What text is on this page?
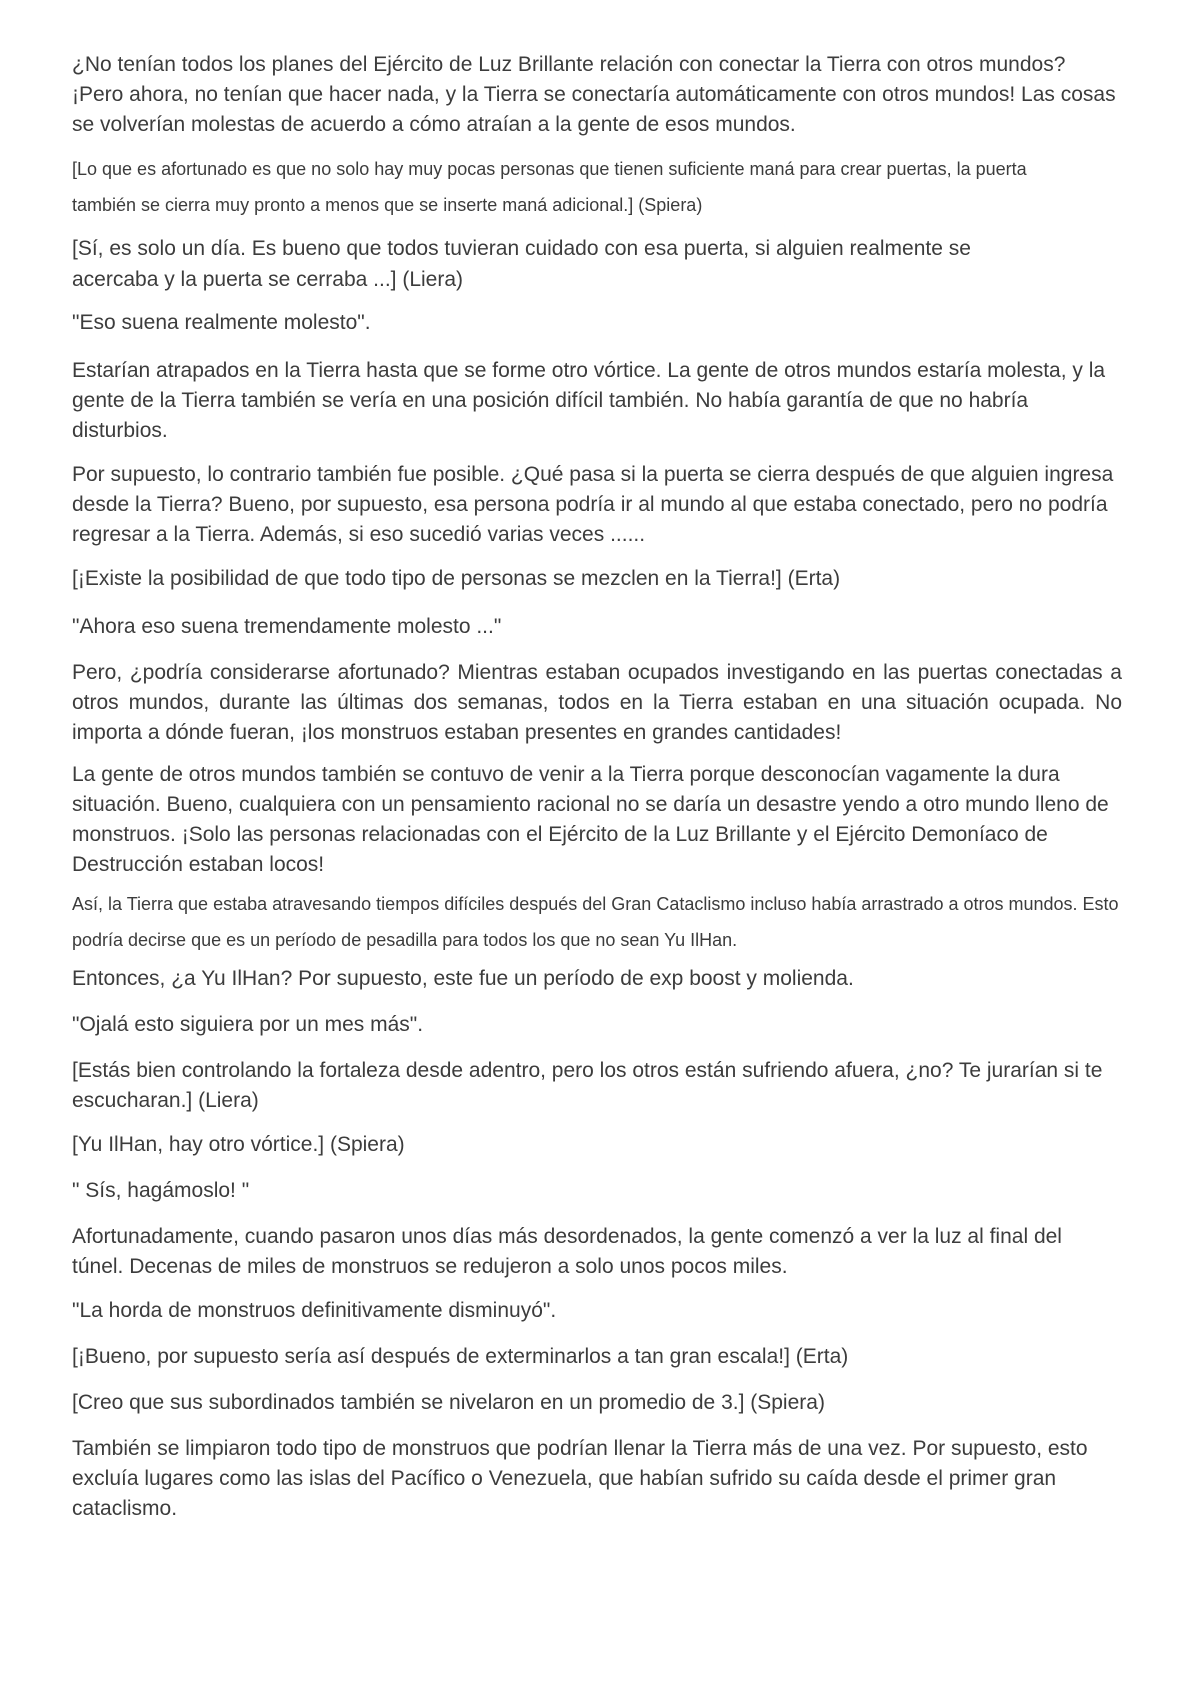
¿No tenían todos los planes del Ejército de Luz Brillante relación con conectar la Tierra con otros mundos? ¡Pero ahora, no tenían que hacer nada, y la Tierra se conectaría automáticamente con otros mundos! Las cosas se volverían molestas de acuerdo a cómo atraían a la gente de esos mundos.

[Lo que es afortunado es que no solo hay muy pocas personas que tienen suficiente maná para crear puertas, la puerta también se cierra muy pronto a menos que se inserte maná adicional.] (Spiera)

[Sí, es solo un día. Es bueno que todos tuvieran cuidado con esa puerta, si alguien realmente se acercaba y la puerta se cerraba ...] (Liera)

"Eso suena realmente molesto".

Estarían atrapados en la Tierra hasta que se forme otro vórtice. La gente de otros mundos estaría molesta, y la gente de la Tierra también se vería en una posición difícil también. No había garantía de que no habría disturbios.

Por supuesto, lo contrario también fue posible. ¿Qué pasa si la puerta se cierra después de que alguien ingresa desde la Tierra? Bueno, por supuesto, esa persona podría ir al mundo al que estaba conectado, pero no podría regresar a la Tierra. Además, si eso sucedió varias veces ......

[¡Existe la posibilidad de que todo tipo de personas se mezclen en la Tierra!] (Erta)

"Ahora eso suena tremendamente molesto ..."

Pero, ¿podría considerarse afortunado? Mientras estaban ocupados investigando en las puertas conectadas a otros mundos, durante las últimas dos semanas, todos en la Tierra estaban en una situación ocupada. No importa a dónde fueran, ¡los monstruos estaban presentes en grandes cantidades!

La gente de otros mundos también se contuvo de venir a la Tierra porque desconocían vagamente la dura situación. Bueno, cualquiera con un pensamiento racional no se daría un desastre yendo a otro mundo lleno de monstruos. ¡Solo las personas relacionadas con el Ejército de la Luz Brillante y el Ejército Demoníaco de Destrucción estaban locos!

Así, la Tierra que estaba atravesando tiempos difíciles después del Gran Cataclismo incluso había arrastrado a otros mundos. Esto podría decirse que es un período de pesadilla para todos los que no sean Yu IlHan.

Entonces, ¿a Yu IlHan? Por supuesto, este fue un período de exp boost y molienda.

"Ojalá esto siguiera por un mes más".

[Estás bien controlando la fortaleza desde adentro, pero los otros están sufriendo afuera, ¿no? Te jurarían si te escucharan.] (Liera)

[Yu IlHan, hay otro vórtice.] (Spiera)

" Sís, hagámoslo! "

Afortunadamente, cuando pasaron unos días más desordenados, la gente comenzó a ver la luz al final del túnel. Decenas de miles de monstruos se redujeron a solo unos pocos miles.

"La horda de monstruos definitivamente disminuyó".

[¡Bueno, por supuesto sería así después de exterminarlos a tan gran escala!] (Erta)

[Creo que sus subordinados también se nivelaron en un promedio de 3.] (Spiera)

También se limpiaron todo tipo de monstruos que podrían llenar la Tierra más de una vez. Por supuesto, esto excluía lugares como las islas del Pacífico o Venezuela, que habían sufrido su caída desde el primer gran cataclismo.
